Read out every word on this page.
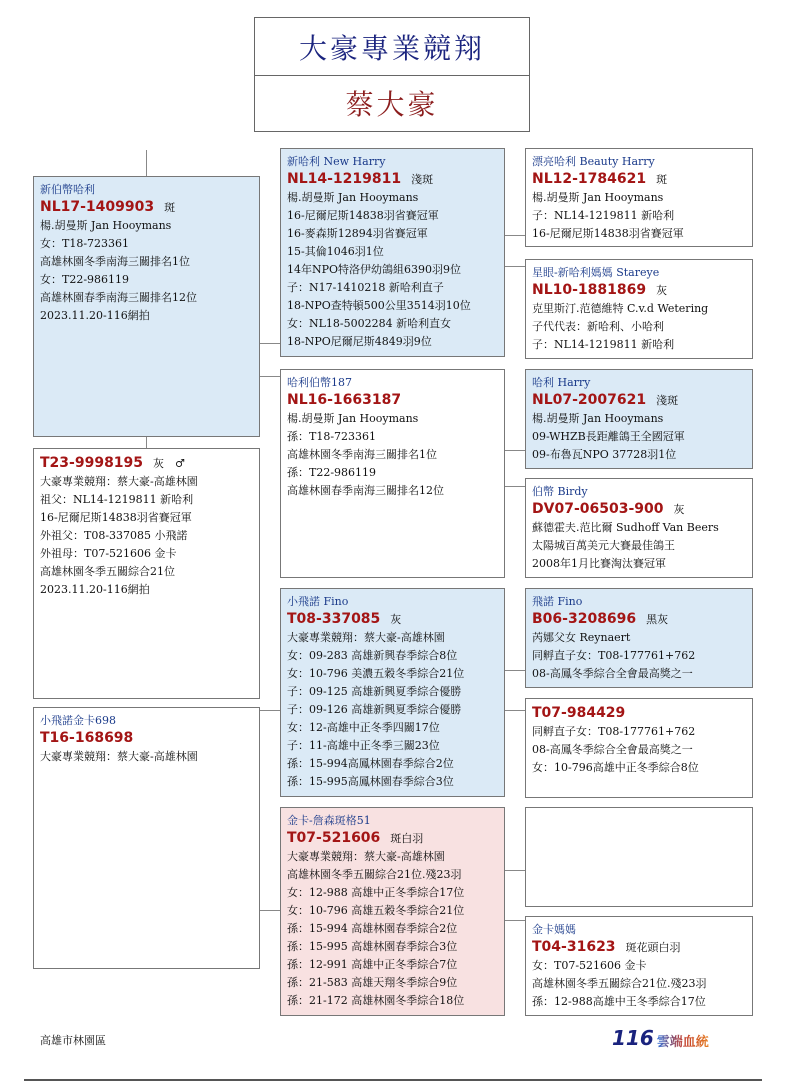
大豪專業競翔
蔡大豪
新伯幣哈利
NL17-1409903 斑
楊.胡曼斯 Jan Hooymans
女：T18-723361
高雄林園冬季南海三關排名1位
女：T22-986119
高雄林園春季南海三關排名12位
2023.11.20-116網拍
T23-9998195 灰　♂
大豪專業競翔：蔡大豪-高雄林園
祖父：NL14-1219811 新哈利
16-尼爾尼斯14838羽省賽冠軍
外祖父：T08-337085 小飛諾
外祖母：T07-521606 金卡
高雄林園冬季五關綜合21位
2023.11.20-116網拍
小飛諾金卡698
T16-168698
大豪專業競翔：蔡大豪-高雄林園
新哈利 New Harry
NL14-1219811 淺斑
楊.胡曼斯 Jan Hooymans
16-尼爾尼斯14838羽省賽冠軍
16-麥森斯12894羽省賽冠軍
15-其倫1046羽1位
14年NPO特洛伊幼鴿組6390羽9位
子：N17-1410218 新哈利直子
18-NPO查特頓500公里3514羽10位
女：NL18-5002284 新哈利直女
18-NPO尼爾尼斯4849羽9位
哈利伯幣187
NL16-1663187
楊.胡曼斯 Jan Hooymans
孫：T18-723361
高雄林園冬季南海三關排名1位
孫：T22-986119
高雄林園春季南海三關排名12位
小飛諾 Fino
T08-337085 灰
大豪專業競翔：蔡大豪-高雄林園
女：09-283 高雄新興春季綜合8位
女：10-796 美濃五穀冬季綜合21位
子：09-125 高雄新興夏季綜合優勝
子：09-126 高雄新興夏季綜合優勝
女：12-高雄中正冬季四關17位
子：11-高雄中正冬季三關23位
孫：15-994高鳳林園春季綜合2位
孫：15-995高鳳林園春季綜合3位
金卡-詹森斑格51
T07-521606 斑白羽
大豪專業競翔：蔡大豪-高雄林園
高雄林園冬季五關綜合21位.殘23羽
女：12-988 高雄中正冬季綜合17位
女：10-796 高雄五穀冬季綜合21位
孫：15-994 高雄林園春季綜合2位
孫：15-995 高雄林園春季綜合3位
孫：12-991 高雄中正冬季綜合7位
孫：21-583 高雄天翔冬季綜合9位
孫：21-172 高雄林園冬季綜合18位
漂亮哈利 Beauty Harry
NL12-1784621 斑
楊.胡曼斯 Jan Hooymans
子：NL14-1219811 新哈利
16-尼爾尼斯14838羽省賽冠軍
星眼-新哈利媽媽 Stareye
NL10-1881869 灰
克里斯汀.范德維特 C.v.d Wetering
子代代表：新哈利、小哈利
子：NL14-1219811 新哈利
哈利 Harry
NL07-2007621 淺斑
楊.胡曼斯 Jan Hooymans
09-WHZB長距離鴿王全國冠軍
09-布魯瓦NPO 37728羽1位
伯幣 Birdy
DV07-06503-900 灰
蘇德霍夫.范比爾 Sudhoff Van Beers
太陽城百萬美元大賽最佳鴿王
2008年1月比賽淘汰賽冠軍
飛諾 Fino
B06-3208696 黑灰
芮娜父女 Reynaert
同孵直子女：T08-177761+762
08-高鳳冬季綜合全會最高獎之一
T07-984429
同孵直子女：T08-177761+762
08-高鳳冬季綜合全會最高獎之一
女：10-796高雄中正冬季綜合8位
金卡媽媽
T04-31623 斑花頭白羽
女：T07-521606 金卡
高雄林園冬季五關綜合21位.殘23羽
孫：12-988高雄中王冬季綜合17位
高雄市林園區	116 雲端血統
